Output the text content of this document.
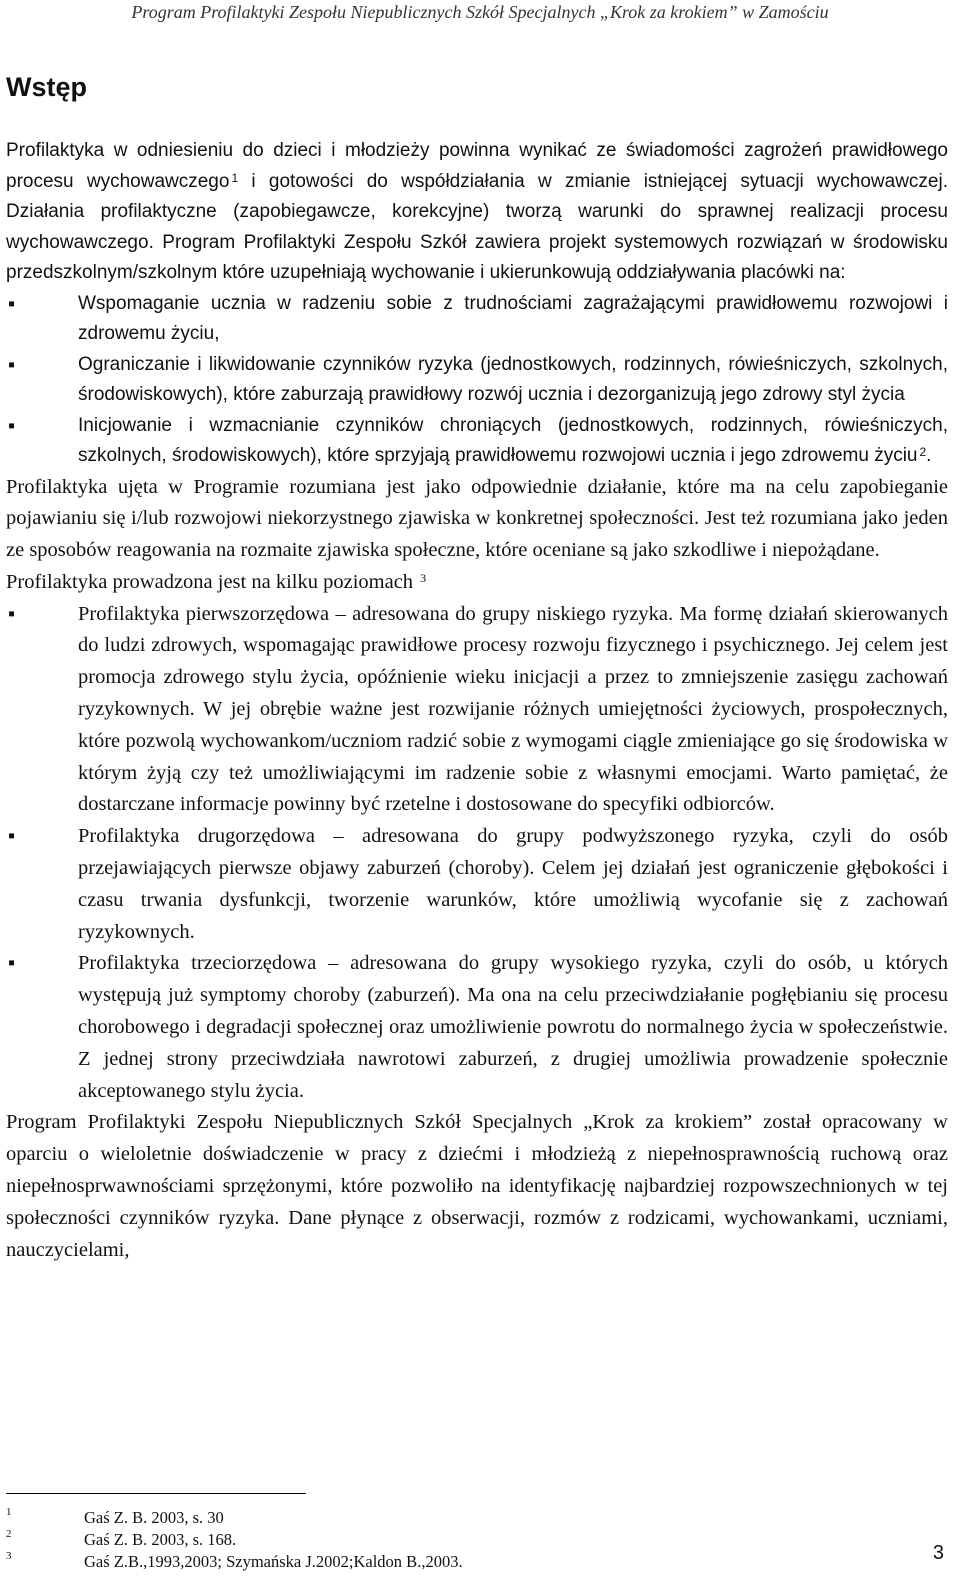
Program Profilaktyki Zespołu Niepublicznych Szkół Specjalnych „Krok za krokiem” w Zamościu
Wstęp

Profilaktyka w odniesieniu do dzieci i młodzieży powinna wynikać ze świadomości zagrożeń prawidłowego procesu wychowawczego $^1$ i gotowości do współdziałania w zmianie istniejącej sytuacji wychowawczej. Działania profilaktyczne (zapobiegawcze, korekcyjne) tworzą warunki do sprawnej realizacji procesu wychowawczego. Program Profilaktyki Zespołu Szkół zawiera projekt systemowych rozwiązań w środowisku przedszkolnym/szkolnym które uzupełniają wychowanie i ukierunkowują oddziaływania placówki na:

▪ Wspomaganie ucznia w radzeniu sobie z trudnościami zagrażającymi prawidłowemu rozwojowi i zdrowemu życiu,
▪ Ograniczanie i likwidowanie czynników ryzyka (jednostkowych, rodzinnych, rówieśniczych, szkolnych, środowiskowych), które zaburzają prawidłowy rozwój ucznia i dezorganizują jego zdrowy styl życia
▪ Inicjowanie i wzmacnianie czynników chroniących (jednostkowych, rodzinnych, rówieśniczych, szkolnych, środowiskowych), które sprzyjają prawidłowemu rozwojowi ucznia i jego zdrowemu życiu $^2$.

Profilaktyka ujęta w Programie rozumiana jest jako odpowiednie działanie, które ma na celu zapobieganie pojawianiu się i/lub rozwojowi niekorzystnego zjawiska w konkretnej społeczności. Jest też rozumiana jako jeden ze sposobów reagowania na rozmaite zjawiska społeczne, które oceniane są jako szkodliwe i niepożądane.

Profilaktyka prowadzona jest na kilku poziomach $^3$

▪ Profilaktyka pierwszorzędowa – adresowana do grupy niskiego ryzyka. Ma formę działań skierowanych do ludzi zdrowych, wspomagając prawidłowe procesy rozwoju fizycznego i psychicznego. Jej celem jest promocja zdrowego stylu życia, opóźnienie wieku inicjacji a przez to zmniejszenie zasięgu zachowań ryzykownych. W jej obrębie ważne jest rozwijanie różnych umiejętności życiowych, prospołecznych, które pozwolą wychowankom/uczniom radzić sobie z wymogami ciągle zmieniające go się środowiska w którym żyją czy też umożliwiającymi im radzenie sobie z własnymi emocjami. Warto pamiętać, że dostarczane informacje powinny być rzetelne i dostosowane do specyfiki odbiorców.
▪ Profilaktyka drugorzędowa – adresowana do grupy podwyższonego ryzyka, czyli do osób przejawiających pierwsze objawy zaburzeń (choroby). Celem jej działań jest ograniczenie głębokości i czasu trwania dysfunkcji, tworzenie warunków, które umożliwią wycofanie się z zachowań ryzykownych.
▪ Profilaktyka trzeciorzędowa – adresowana do grupy wysokiego ryzyka, czyli do osób, u których występują już symptomy choroby (zaburzeń). Ma ona na celu przeciwdziałanie pogłębianiu się procesu chorobowego i degradacji społecznej oraz umożliwienie powrotu do normalnego życia w społeczeństwie. Z jednej strony przeciwdziała nawrotowi zaburzeń, z drugiej umożliwia prowadzenie społecznie akceptowanego stylu życia.

Program Profilaktyki Zespołu Niepublicznych Szkół Specjalnych „Krok za krokiem” został opracowany w oparciu o wieloletnie doświadczenie w pracy z dziećmi i młodzieżą z niepełnosprawnością ruchową oraz niepełnosprwawnościami sprzężonymi, które pozwoliło na identyfikację najbardziej rozpowszechnionych w tej społeczności czynników ryzyka. Dane płynące z obserwacji, rozmów z rodzicami, wychowankami, uczniami, nauczycielami,

1	Gaś Z. B. 2003, s. 30
2	Gaś Z. B. 2003, s. 168.
3	Gaś Z.B.,1993,2003; Szymańska J.2002;Kaldon B.,2003.	3
